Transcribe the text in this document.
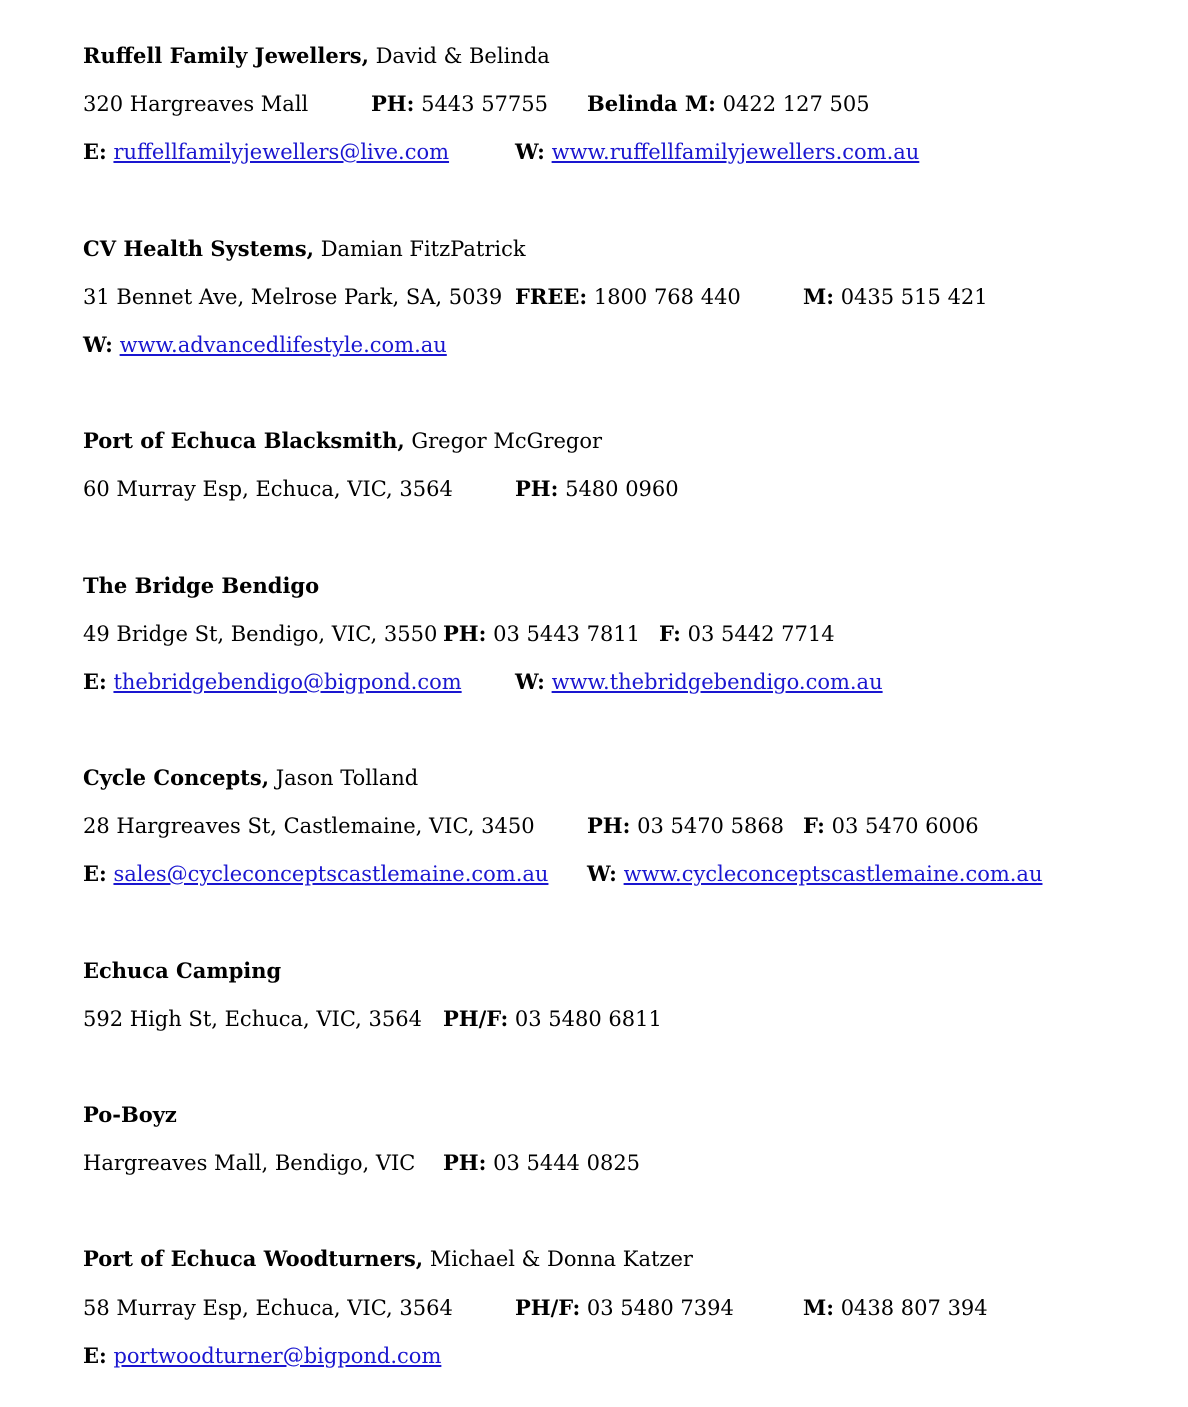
Ruffell Family Jewellers, David & Belinda
320 Hargreaves Mall	PH: 5443 57755 Belinda M: 0422 127 505
E: ruffellfamilyjewellers@live.com	W: www.ruffellfamilyjewellers.com.au
CV Health Systems, Damian FitzPatrick
31 Bennet Ave, Melrose Park, SA, 5039 FREE: 1800 768 440	M: 0435 515 421
W: www.advancedlifestyle.com.au
Port of Echuca Blacksmith, Gregor McGregor
60 Murray Esp, Echuca, VIC, 3564	PH: 5480 0960
The Bridge Bendigo
49 Bridge St, Bendigo, VIC, 3550 PH: 03 5443 7811 F: 03 5442 7714
E: thebridgebendigo@bigpond.com	W: www.thebridgebendigo.com.au
Cycle Concepts, Jason Tolland
28 Hargreaves St, Castlemaine, VIC, 3450 PH: 03 5470 5868 F: 03 5470 6006
E: sales@cycleconceptscastlemaine.com.au W: www.cycleconceptscastlemaine.com.au
Echuca Camping
592 High St, Echuca, VIC, 3564 PH/F: 03 5480 6811
Po-Boyz
Hargreaves Mall, Bendigo, VIC PH: 03 5444 0825
Port of Echuca Woodturners, Michael & Donna Katzer
58 Murray Esp, Echuca, VIC, 3564	PH/F: 03 5480 7394	M: 0438 807 394
E: portwoodturner@bigpond.com
